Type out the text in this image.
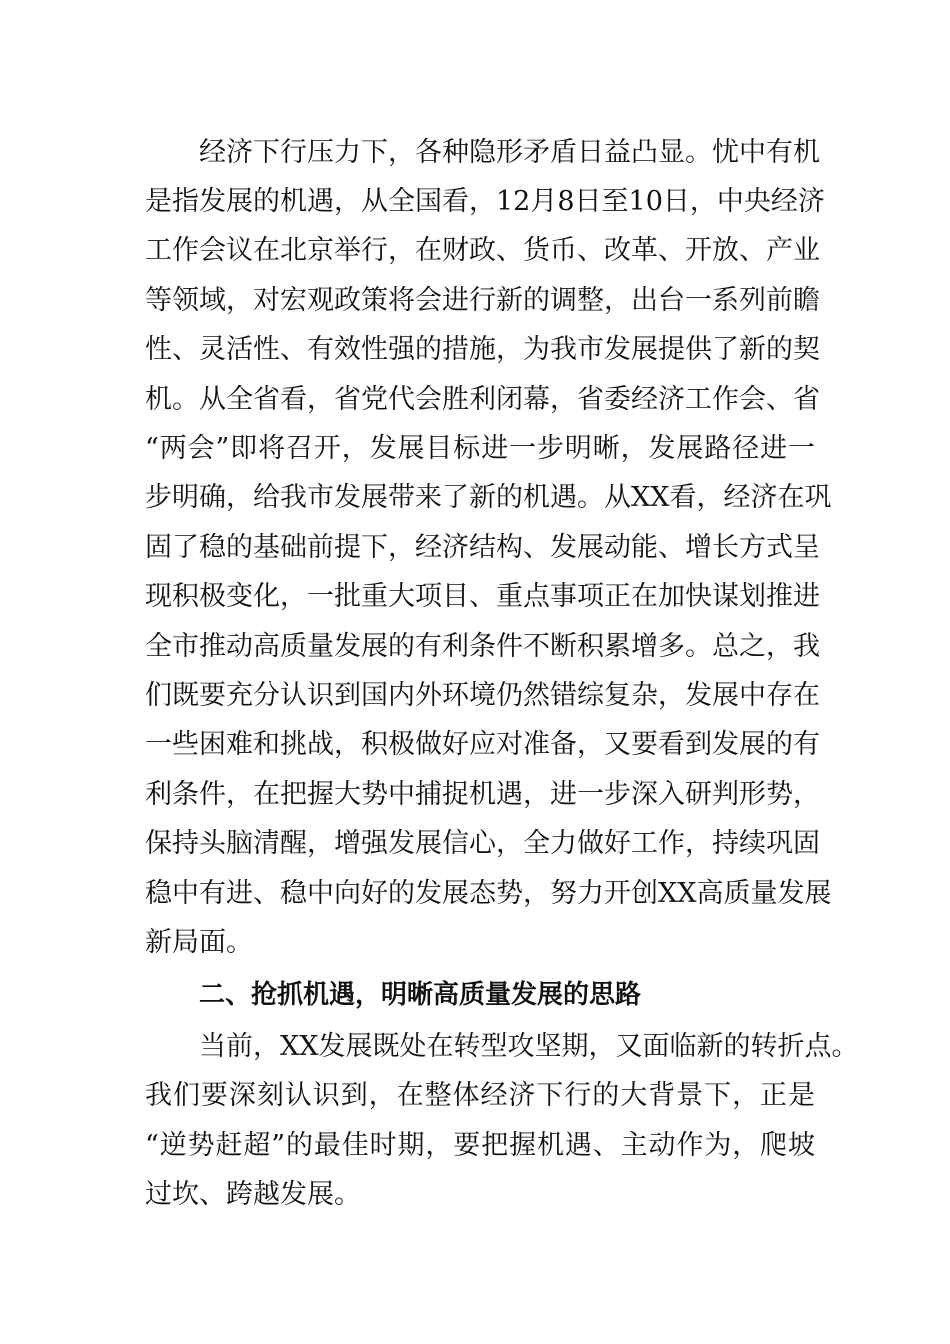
经济下行压力下，各种隐形矛盾日益凸显。忧中有机
是指发展的机遇，从全国看，12月8日至10日，中央经济
工作会议在北京举行，在财政、货币、改革、开放、产业
等领域，对宏观政策将会进行新的调整，出台一系列前瞻
性、灵活性、有效性强的措施，为我市发展提供了新的契
机。从全省看，省党代会胜利闭幕，省委经济工作会、省
“两会”即将召开，发展目标进一步明晰，发展路径进一
步明确，给我市发展带来了新的机遇。从XX看，经济在巩
固了稳的基础前提下，经济结构、发展动能、增长方式呈
现积极变化，一批重大项目、重点事项正在加快谋划推进
全市推动高质量发展的有利条件不断积累增多。总之，我
们既要充分认识到国内外环境仍然错综复杂，发展中存在
一些困难和挑战，积极做好应对准备，又要看到发展的有
利条件，在把握大势中捕捉机遇，进一步深入研判形势，
保持头脑清醒，增强发展信心，全力做好工作，持续巩固
稳中有进、稳中向好的发展态势，努力开创XX高质量发展
新局面。
二、抢抓机遇，明晰高质量发展的思路
当前，XX发展既处在转型攻坚期，又面临新的转折点。
我们要深刻认识到，在整体经济下行的大背景下，正是
“逆势赶超”的最佳时期，要把握机遇、主动作为，爬坡
过坎、跨越发展。
